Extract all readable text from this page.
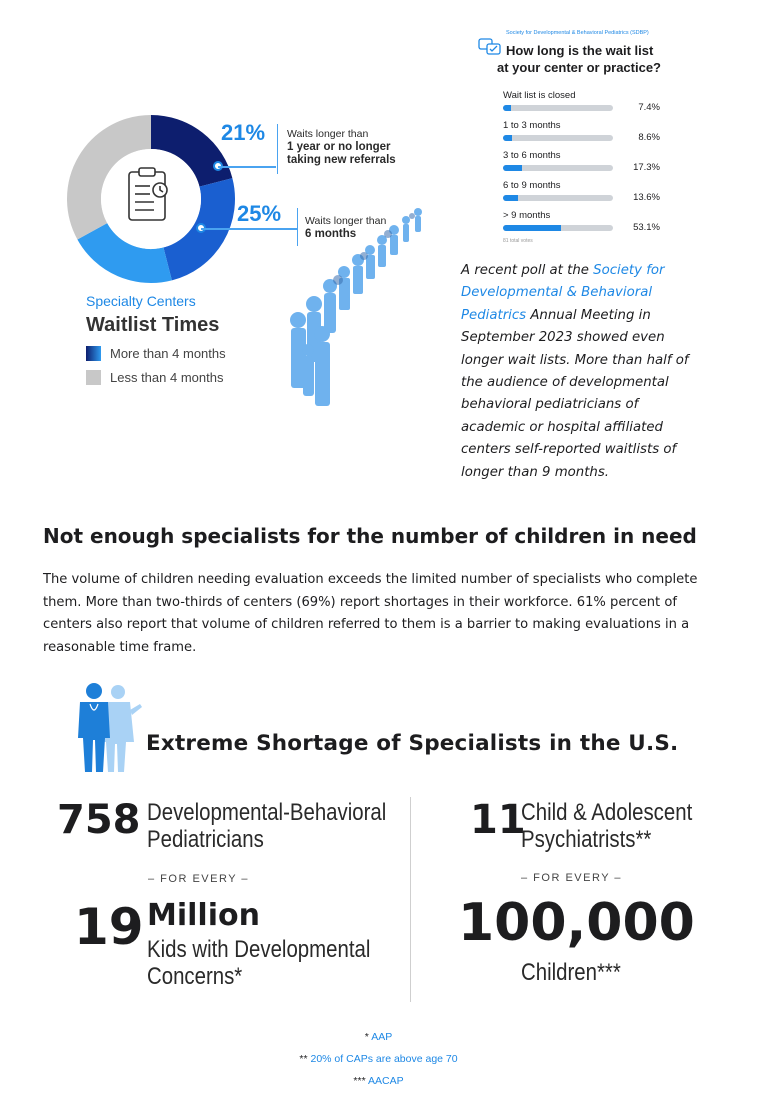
21% Waits longer than
1 year or no longer
taking new referrals
25% Waits longer than
6 months
Specialty Centers
Waitlist Times
More than 4 months
Less than 4 months
Society for Developmental & Behavioral Pediatrics (SDBP)
How long is the wait list
at your center or practice?
Wait list is closed
7.4%
1 to 3 months
8.6%
3 to 6 months
17.3%
6 to 9 months
13.6%
> 9 months
53.1%
81 total votes
A recent poll at the Society for Developmental & Behavioral Pediatrics Annual Meeting in September 2023 showed even longer wait lists. More than half of the audience of developmental behavioral pediatricians of academic or hospital affiliated centers self-reported waitlists of longer than 9 months.
Not enough specialists for the number of children in need
The volume of children needing evaluation exceeds the limited number of specialists who complete them. More than two-thirds of centers (69%) report shortages in their workforce. 61% percent of centers also report that volume of children referred to them is a barrier to making evaluations in a reasonable time frame.
Extreme Shortage of Specialists in the U.S.
758 Developmental-Behavioral
Pediatricians
– FOR EVERY –
19 Million
Kids with Developmental
Concerns*
11
Child & Adolescent
Psychiatrists**
– FOR EVERY –
100,000
Children***
* AAP
** 20% of CAPs are above age 70
*** AACAP
